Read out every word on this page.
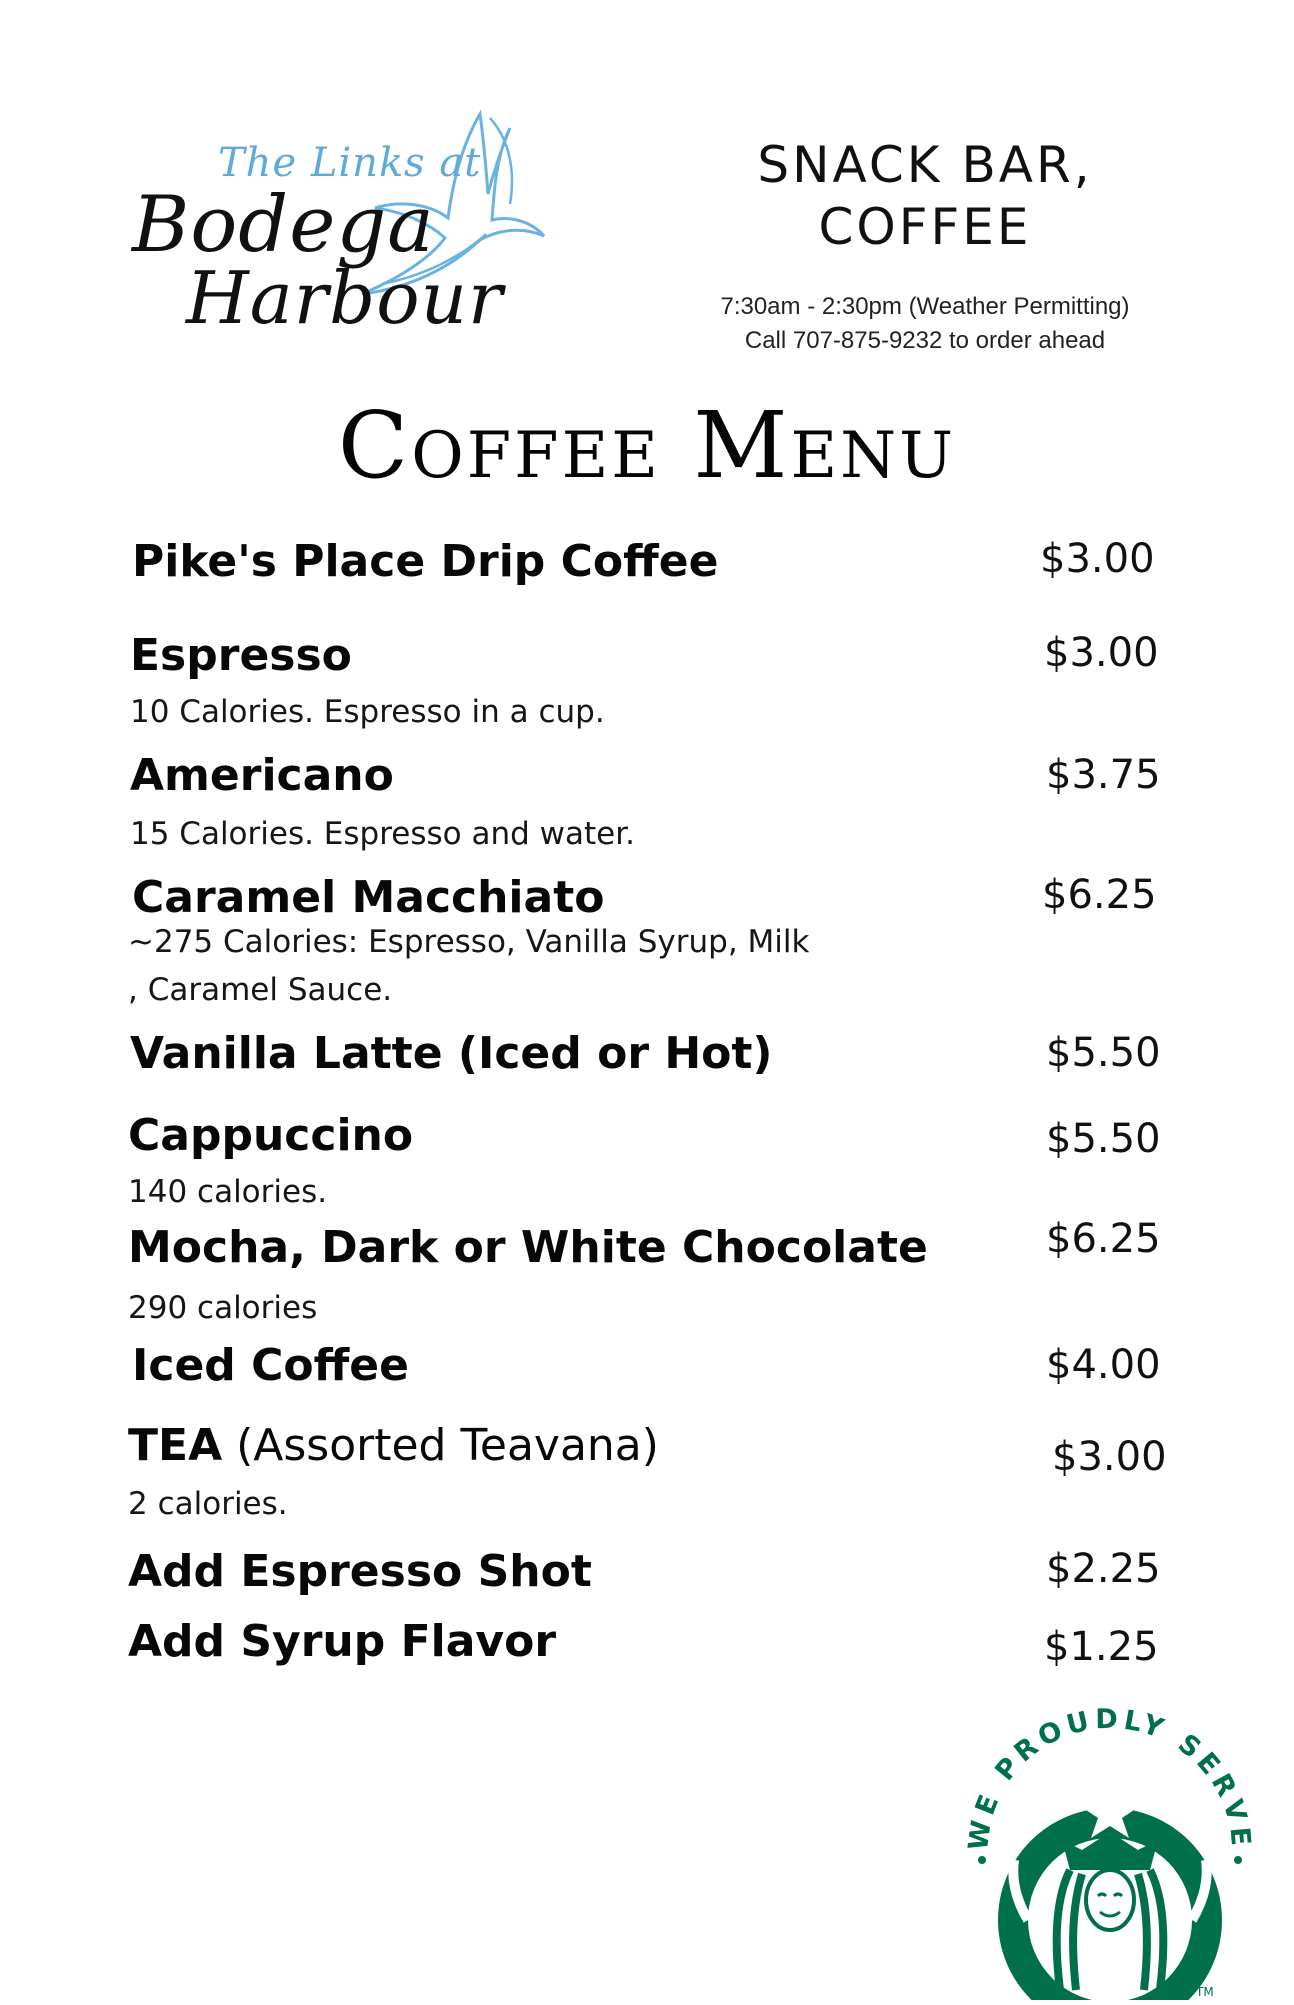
The Links at
Bodega
Harbour
SNACK BAR,
COFFEE
7:30am - 2:30pm (Weather Permitting)
Call 707-875-9232 to order ahead
Coffee Menu
Pike's Place Drip Coffee	$3.00
Espresso	$3.00
10 Calories. Espresso in a cup.
Americano	$3.75
15 Calories. Espresso and water.
Caramel Macchiato	$6.25
~275 Calories: Espresso, Vanilla Syrup, Milk
, Caramel Sauce.
Vanilla Latte (Iced or Hot)	$5.50
Cappuccino	$5.50
140 calories.
Mocha, Dark or White Chocolate	$6.25
290 calories
Iced Coffee	$4.00
TEA (Assorted Teavana)	$3.00
2 calories.
Add Espresso Shot	$2.25
Add Syrup Flavor	$1.25
WE PROUDLY SERVE
TM
